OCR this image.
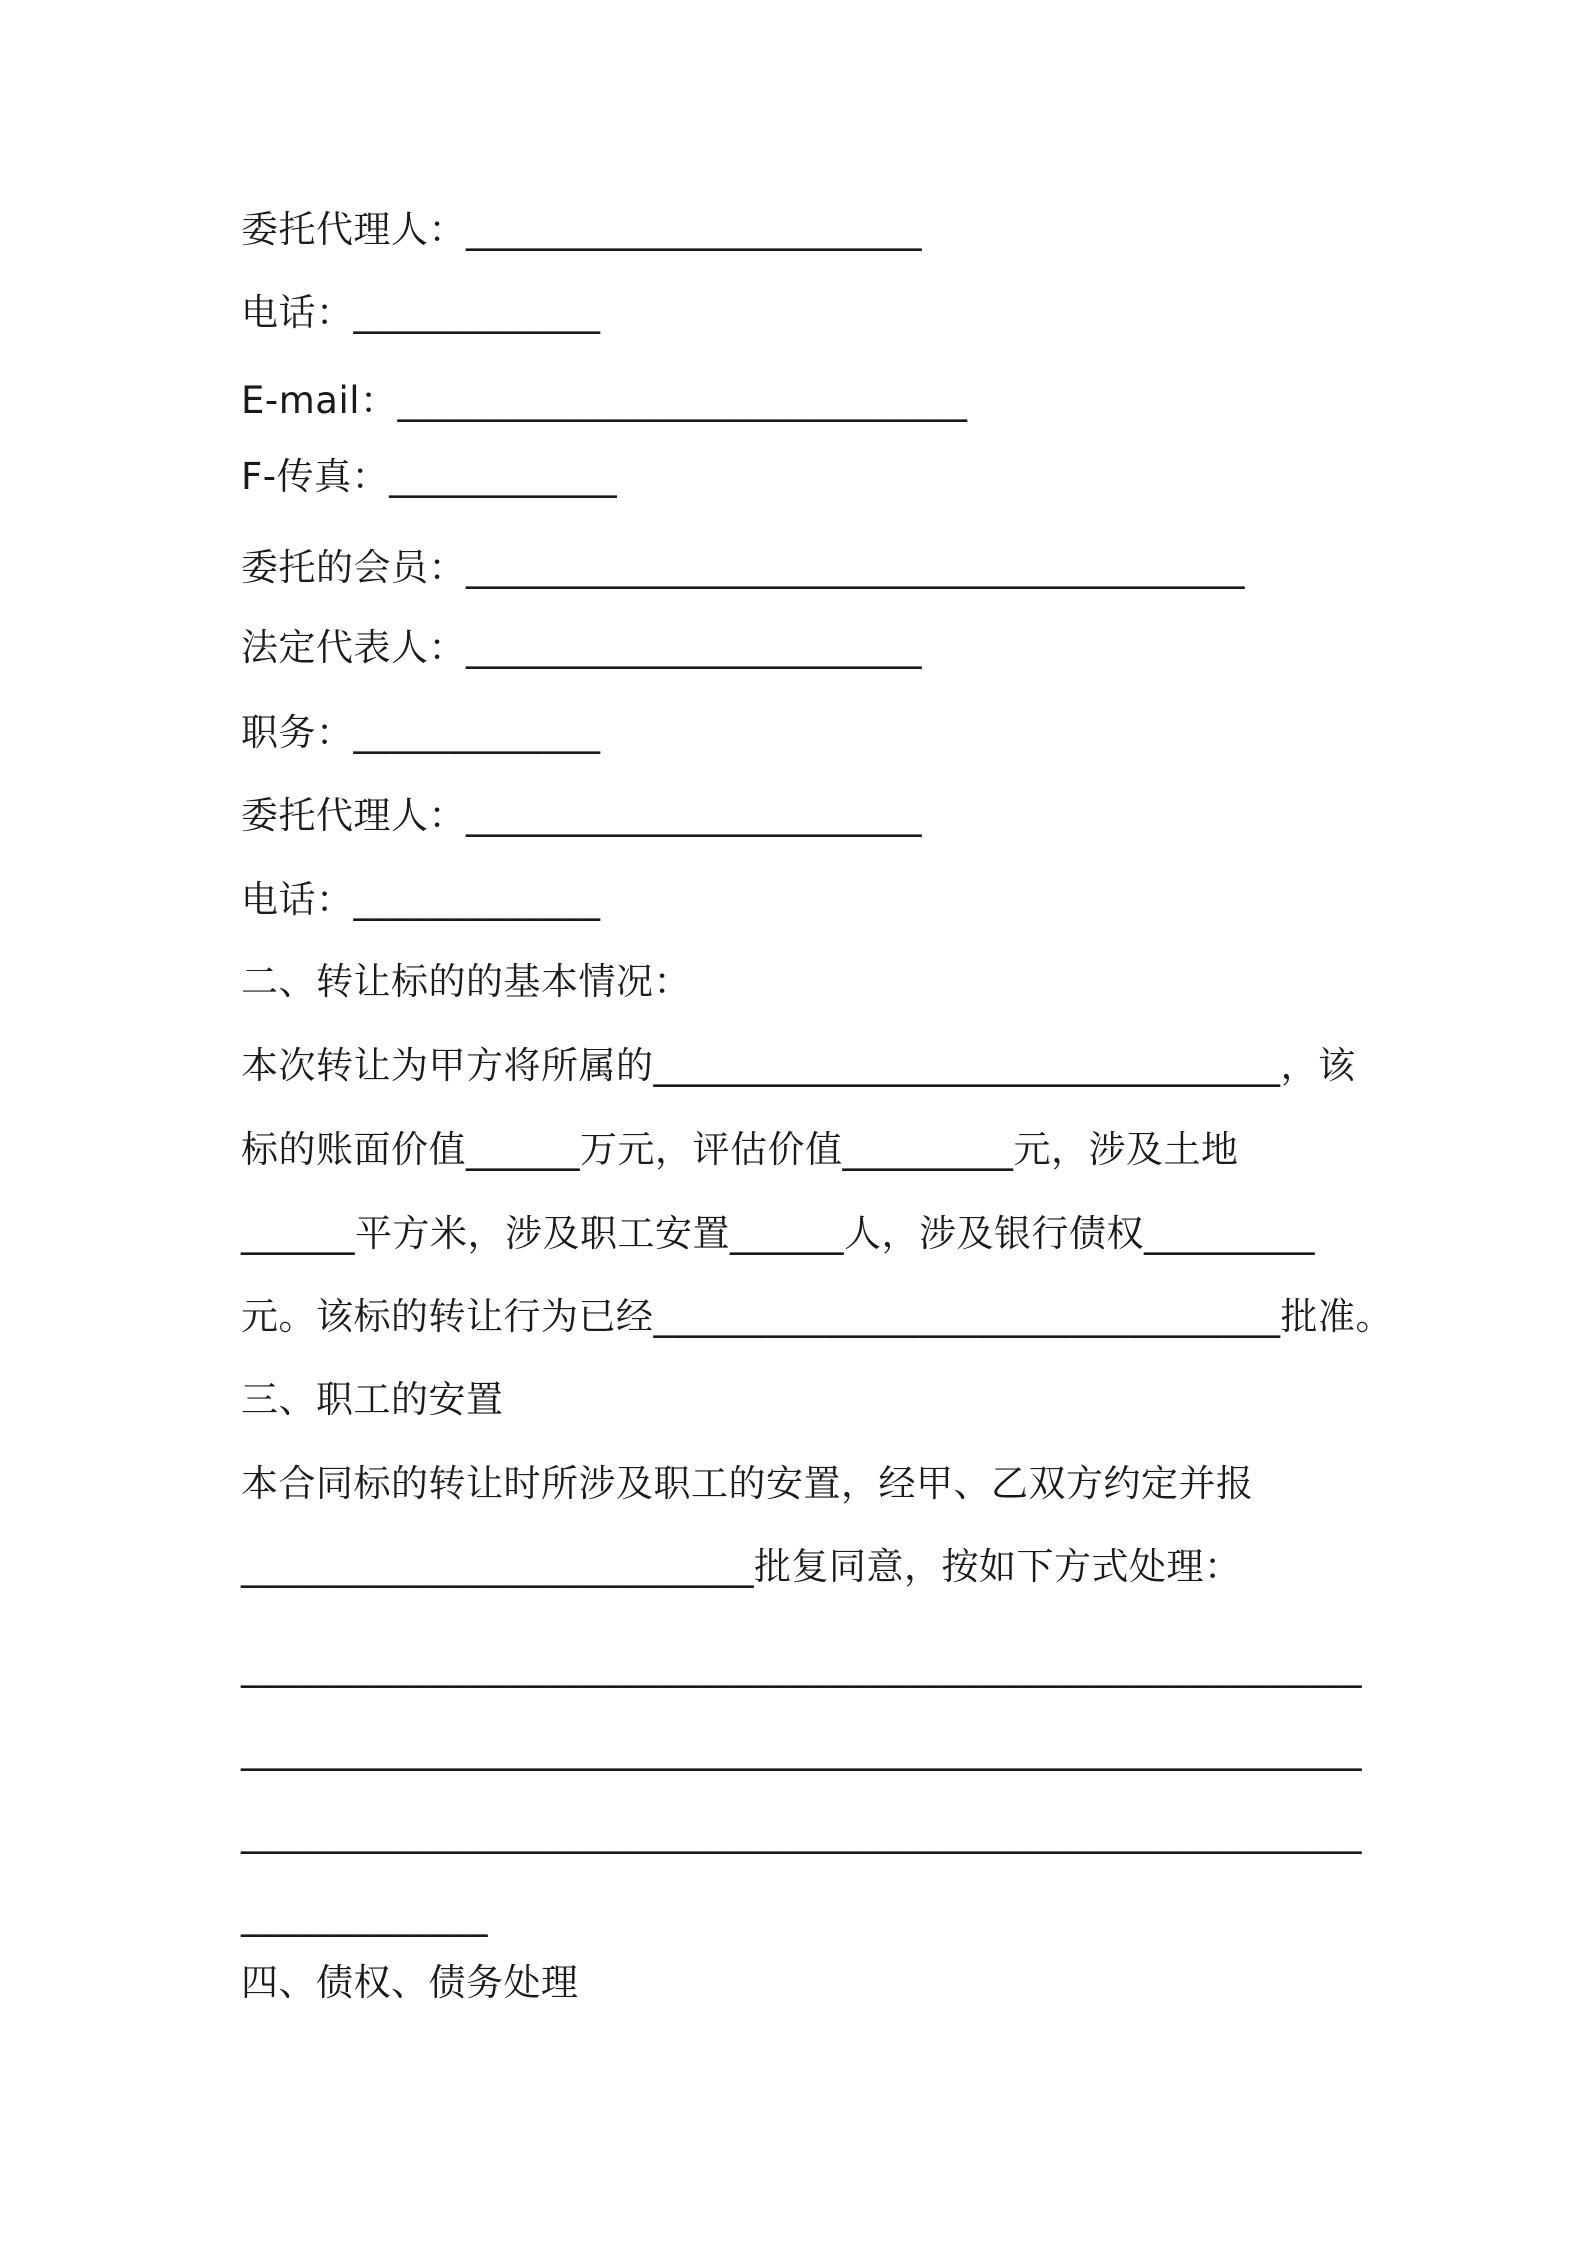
委托代理人：________________________
电话：_____________
E-mail：______________________________
F-传真：____________
委托的会员：_________________________________________
法定代表人：________________________
职务：_____________
委托代理人：________________________
电话：_____________
二、转让标的的基本情况：
本次转让为甲方将所属的_________________________________，该
标的账面价值______万元，评估价值_________元，涉及土地
______平方米，涉及职工安置______人，涉及银行债权_________
元。该标的转让行为已经_________________________________批准。
三、职工的安置
本合同标的转让时所涉及职工的安置，经甲、乙双方约定并报
___________________________批复同意，按如下方式处理：
___________________________________________________________
___________________________________________________________
___________________________________________________________
_____________
四、债权、债务处理
